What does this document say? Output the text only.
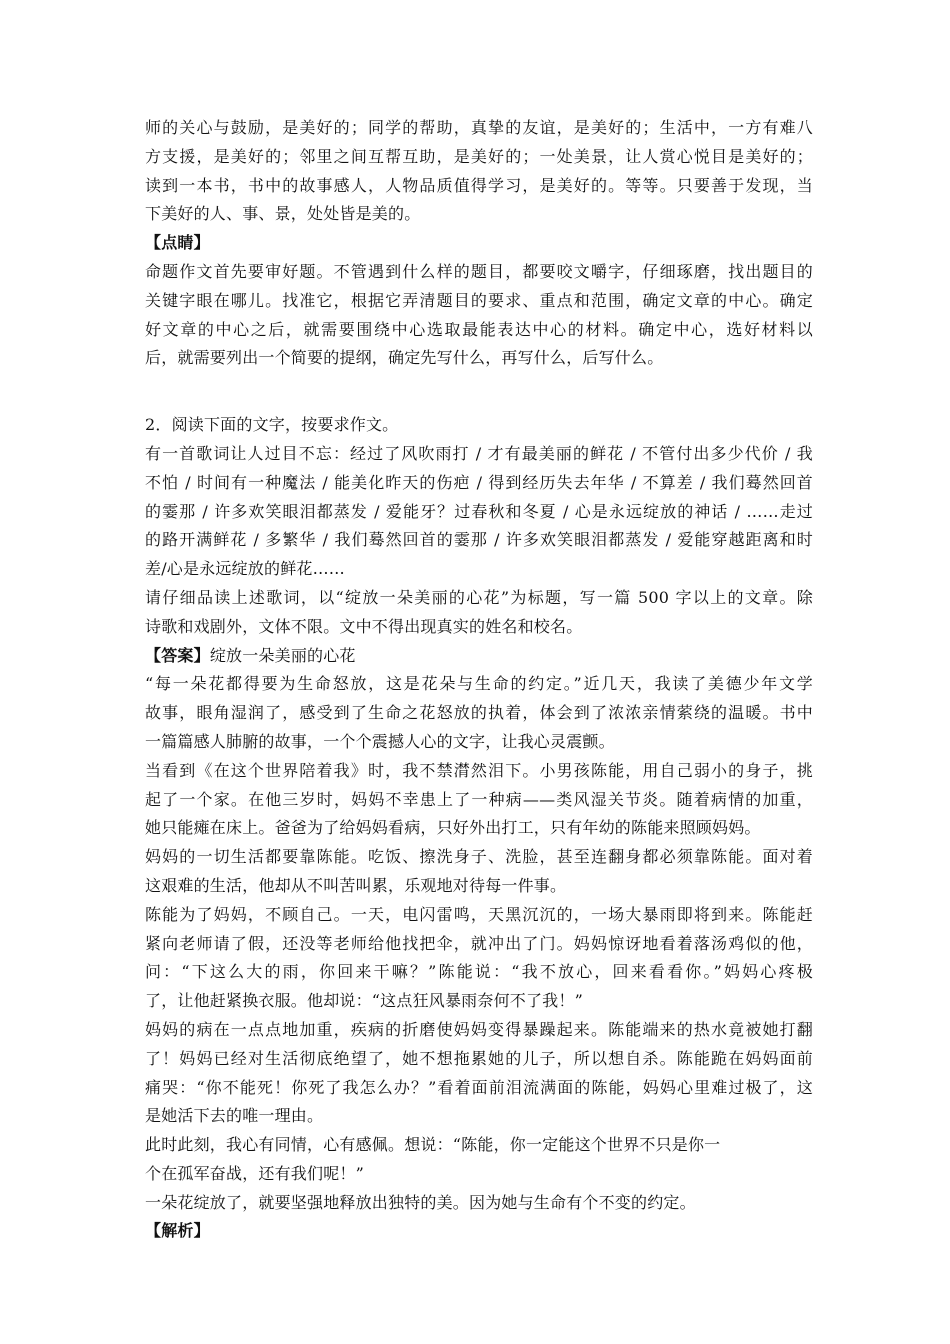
师的关心与鼓励，是美好的；同学的帮助，真挚的友谊，是美好的；生活中，一方有难八
方支援，是美好的；邻里之间互帮互助，是美好的；一处美景，让人赏心悦目是美好的；
读到一本书，书中的故事感人，人物品质值得学习，是美好的。等等。只要善于发现，当
下美好的人、事、景，处处皆是美的。
【点睛】
命题作文首先要审好题。不管遇到什么样的题目，都要咬文嚼字，仔细琢磨，找出题目的
关键字眼在哪儿。找准它，根据它弄清题目的要求、重点和范围，确定文章的中心。确定
好文章的中心之后，就需要围绕中心选取最能表达中心的材料。确定中心，选好材料以
后，就需要列出一个简要的提纲，确定先写什么，再写什么，后写什么。
2．阅读下面的文字，按要求作文。
有一首歌词让人过目不忘：经过了风吹雨打 / 才有最美丽的鲜花 / 不管付出多少代价 / 我
不怕 / 时间有一种魔法 / 能美化昨天的伤疤 / 得到经历失去年华 / 不算差 / 我们蓦然回首
的霎那 / 许多欢笑眼泪都蒸发 / 爱能牙？过春秋和冬夏 / 心是永远绽放的神话 / ……走过
的路开满鲜花 / 多繁华 / 我们蓦然回首的霎那 / 许多欢笑眼泪都蒸发 / 爱能穿越距离和时
差/心是永远绽放的鲜花……
请仔细品读上述歌词，以“绽放一朵美丽的心花”为标题，写一篇 500 字以上的文章。除
诗歌和戏剧外，文体不限。文中不得出现真实的姓名和校名。
【答案】绽放一朵美丽的心花
“每一朵花都得要为生命怒放，这是花朵与生命的约定。”近几天，我读了美德少年文学
故事，眼角湿润了，感受到了生命之花怒放的执着，体会到了浓浓亲情萦绕的温暖。书中
一篇篇感人肺腑的故事，一个个震撼人心的文字，让我心灵震颤。
当看到《在这个世界陪着我》时，我不禁潸然泪下。小男孩陈能，用自己弱小的身子，挑
起了一个家。在他三岁时，妈妈不幸患上了一种病——类风湿关节炎。随着病情的加重，
她只能瘫在床上。爸爸为了给妈妈看病，只好外出打工，只有年幼的陈能来照顾妈妈。
妈妈的一切生活都要靠陈能。吃饭、擦洗身子、洗脸，甚至连翻身都必须靠陈能。面对着
这艰难的生活，他却从不叫苦叫累，乐观地对待每一件事。
陈能为了妈妈，不顾自己。一天，电闪雷鸣，天黑沉沉的，一场大暴雨即将到来。陈能赶
紧向老师请了假，还没等老师给他找把伞，就冲出了门。妈妈惊讶地看着落汤鸡似的他，
问：“下这么大的雨，你回来干嘛？”陈能说：“我不放心，回来看看你。”妈妈心疼极
了，让他赶紧换衣服。他却说：“这点狂风暴雨奈何不了我！”
妈妈的病在一点点地加重，疾病的折磨使妈妈变得暴躁起来。陈能端来的热水竟被她打翻
了！妈妈已经对生活彻底绝望了，她不想拖累她的儿子，所以想自杀。陈能跪在妈妈面前
痛哭：“你不能死！你死了我怎么办？”看着面前泪流满面的陈能，妈妈心里难过极了，这
是她活下去的唯一理由。
此时此刻，我心有同情，心有感佩。想说：“陈能，你一定能这个世界不只是你一
个在孤军奋战，还有我们呢！”
一朵花绽放了，就要坚强地释放出独特的美。因为她与生命有个不变的约定。
【解析】
